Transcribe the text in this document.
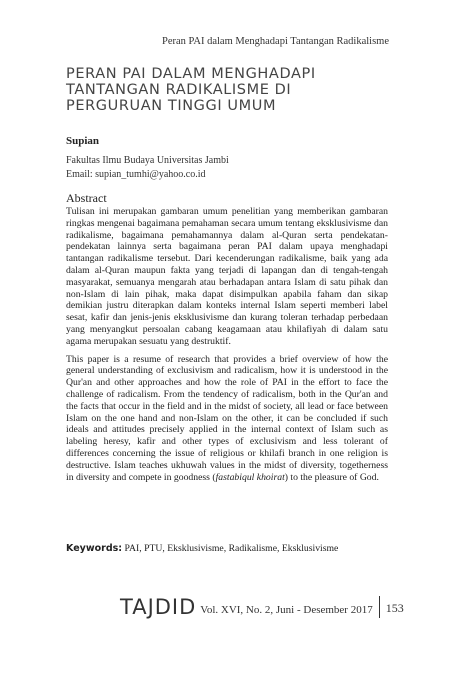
Peran PAI dalam Menghadapi Tantangan Radikalisme
PERAN PAI DALAM MENGHADAPI
TANTANGAN RADIKALISME DI
PERGURUAN TINGGI UMUM
Supian
Fakultas Ilmu Budaya Universitas Jambi
Email: supian_tumhi@yahoo.co.id
Abstract

Tulisan ini merupakan gambaran umum penelitian yang memberikan gambaran ringkas mengenai bagaimana pemahaman secara umum tentang eksklusivisme dan radikalisme, bagaimana pemahamannya dalam al-Quran serta pendekatan-pendekatan lainnya serta bagaimana peran PAI dalam upaya menghadapi tantangan radikalisme tersebut. Dari kecenderungan radikalisme, baik yang ada dalam al-Quran maupun fakta yang terjadi di lapangan dan di tengah-tengah masyarakat, semuanya mengarah atau berhadapan antara Islam di satu pihak dan non-Islam di lain pihak, maka dapat disimpulkan apabila faham dan sikap demikian justru diterapkan dalam konteks internal Islam seperti memberi label sesat, kafir dan jenis-jenis eksklusivisme dan kurang toleran terhadap perbedaan yang menyangkut persoalan cabang keagamaan atau khilafiyah di dalam satu agama merupakan sesuatu yang destruktif.

This paper is a resume of research that provides a brief overview of how the general understanding of exclusivism and radicalism, how it is understood in the Qur'an and other approaches and how the role of PAI in the effort to face the challenge of radicalism. From the tendency of radicalism, both in the Qur'an and the facts that occur in the field and in the midst of society, all lead or face between Islam on the one hand and non-Islam on the other, it can be concluded if such ideals and attitudes precisely applied in the internal context of Islam such as labeling heresy, kafir and other types of exclusivism and less tolerant of differences concerning the issue of religious or khilafi branch in one religion is destructive. Islam teaches ukhuwah values in the midst of diversity, togetherness in diversity and compete in goodness (fastabiqul khoirat) to the pleasure of God.

Keywords: PAI, PTU, Eksklusivisme, Radikalisme, Eksklusivisme
TAJDID Vol. XVI, No. 2, Juni - Desember 2017 153
